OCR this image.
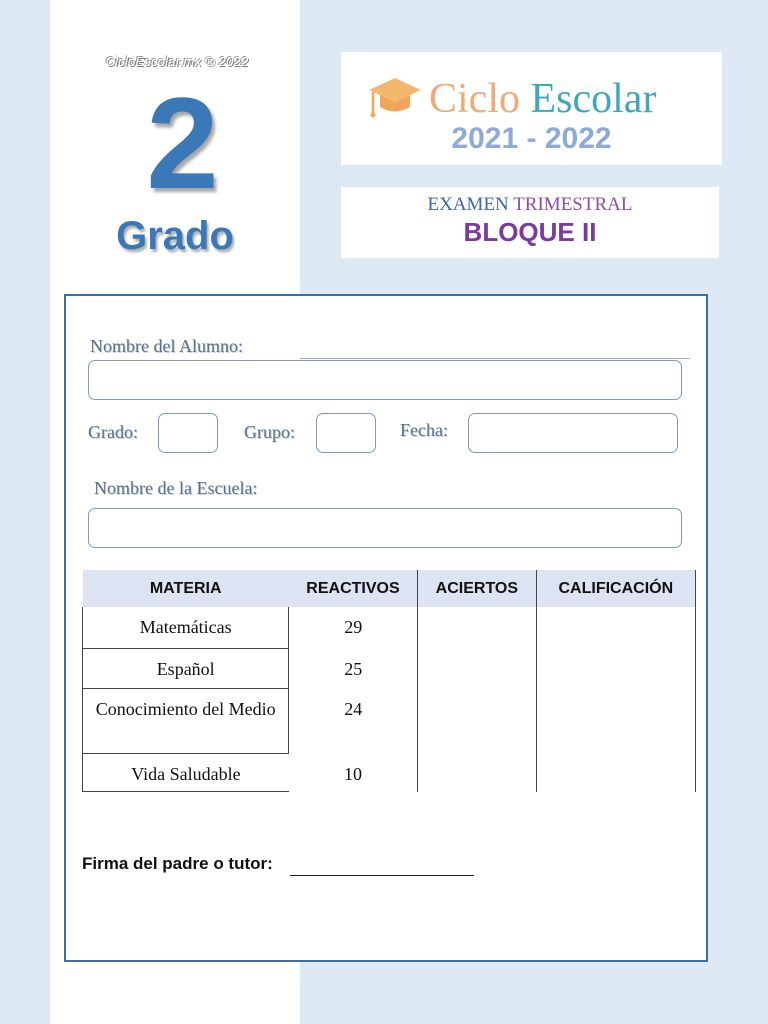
CicloEscolar.mx ® 2022
2
Grado
Ciclo Escolar
2021 - 2022
EXAMEN TRIMESTRAL
BLOQUE II
Nombre del Alumno:
Grado:	Grupo:	Fecha:
Nombre de la Escuela:
MATERIA	REACTIVOS	ACIERTOS	CALIFICACIÓN
Matemáticas	29		
Español	25		
Conocimiento del Medio	24		
Vida Saludable	10		
Firma del padre o tutor:
